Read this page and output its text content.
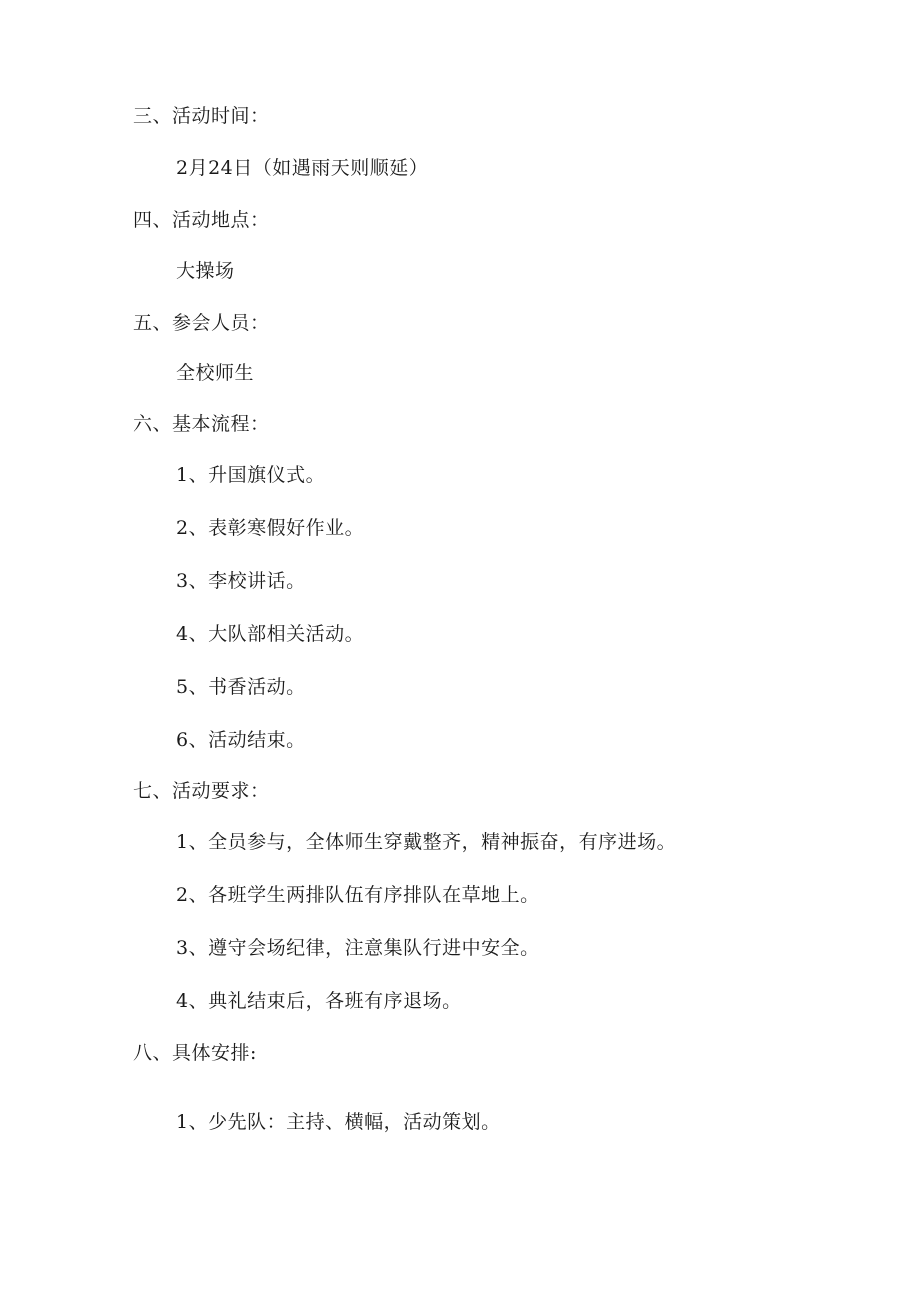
三、活动时间：
2月24日（如遇雨天则顺延）
四、活动地点：
大操场
五、参会人员：
全校师生
六、基本流程：
1、升国旗仪式。
2、表彰寒假好作业。
3、李校讲话。
4、大队部相关活动。
5、书香活动。
6、活动结束。
七、活动要求：
1、全员参与，全体师生穿戴整齐，精神振奋，有序进场。
2、各班学生两排队伍有序排队在草地上。
3、遵守会场纪律，注意集队行进中安全。
4、典礼结束后，各班有序退场。
八、具体安排:
1、少先队：主持、横幅，活动策划。
